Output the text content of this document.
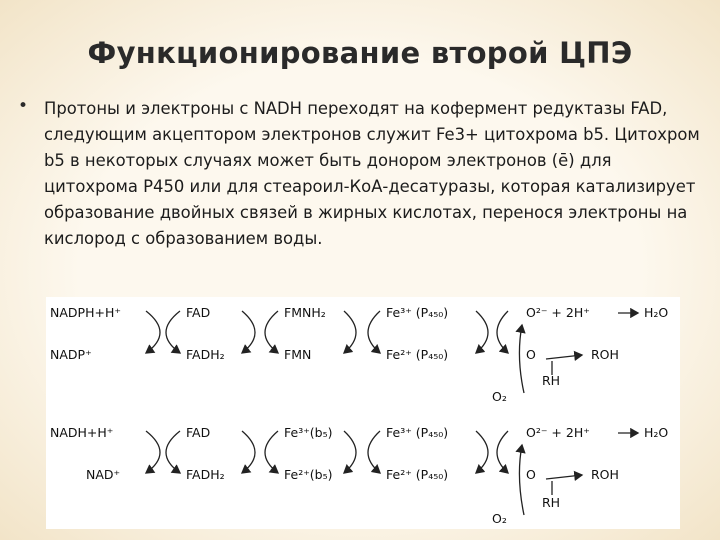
Функционирование второй ЦПЭ
• Протоны и электроны с NADH переходят на кофермент редуктазы FAD, следующим акцептором электронов служит Fe3+ цитохрома b5. Цитохром b5 в некоторых случаях может быть донором электронов (ē) для цитохрома P450 или для стеароил-КоА-десатуразы, которая катализирует образование двойных связей в жирных кислотах, перенося электроны на кислород с образованием воды.
NADPH+H⁺	FAD	FMNH₂	Fe³⁺ (P₄₅₀)	O²⁻ + 2H⁺	H₂O
NADP⁺	FADH₂	FMN	Fe²⁺ (P₄₅₀)	O	ROH
RH
O₂
NADH+H⁺	FAD	Fe³⁺(b₅)	Fe³⁺ (P₄₅₀)	O²⁻ + 2H⁺	H₂O
NAD⁺	FADH₂	Fe²⁺(b₅)	Fe²⁺ (P₄₅₀)	O	ROH
RH
O₂
